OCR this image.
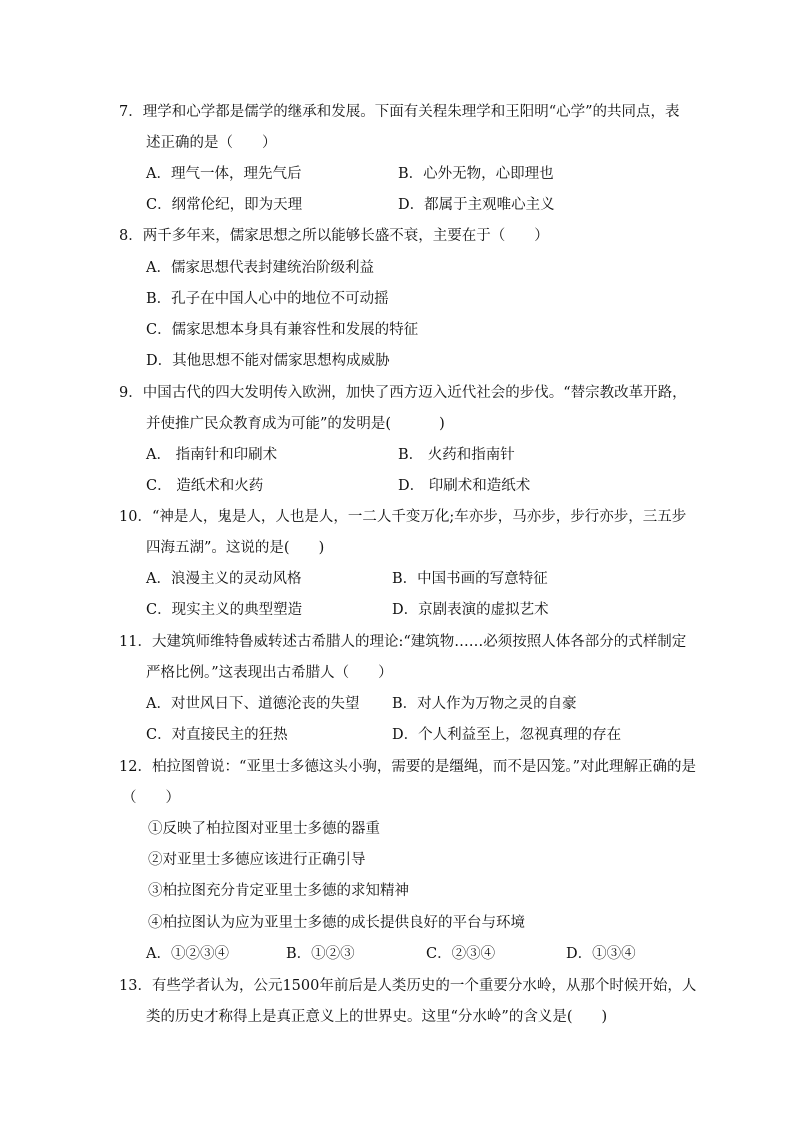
7．理学和心学都是儒学的继承和发展。下面有关程朱理学和王阳明“心学”的共同点，表
述正确的是（　　）
A．理气一体，理先气后	B．心外无物，心即理也
C．纲常伦纪，即为天理	D．都属于主观唯心主义
8．两千多年来，儒家思想之所以能够长盛不衰，主要在于（　　）
A．儒家思想代表封建统治阶级利益
B．孔子在中国人心中的地位不可动摇
C．儒家思想本身具有兼容性和发展的特征
D．其他思想不能对儒家思想构成威胁
9．中国古代的四大发明传入欧洲，加快了西方迈入近代社会的步伐。“替宗教改革开路，
并使推广民众教育成为可能”的发明是(　　　 )
A． 指南针和印刷术	B． 火药和指南针
C． 造纸术和火药	D． 印刷术和造纸术
10．“神是人，鬼是人，人也是人，一二人千变万化;车亦步，马亦步，步行亦步，三五步
四海五湖”。这说的是(　　)
A．浪漫主义的灵动风格	B．中国书画的写意特征
C．现实主义的典型塑造	D．京剧表演的虚拟艺术
11．大建筑师维特鲁威转述古希腊人的理论:“建筑物……必须按照人体各部分的式样制定
严格比例。”这表现出古希腊人（　　）
A．对世风日下、道德沦丧的失望 B．对人作为万物之灵的自豪
C．对直接民主的狂热	D．个人利益至上，忽视真理的存在
12．柏拉图曾说：“亚里士多德这头小驹，需要的是缰绳，而不是囚笼。”对此理解正确的是
（　　）
①反映了柏拉图对亚里士多德的器重
②对亚里士多德应该进行正确引导
③柏拉图充分肯定亚里士多德的求知精神
④柏拉图认为应为亚里士多德的成长提供良好的平台与环境
A．①②③④	B．①②③	C．②③④	D．①③④
13．有些学者认为，公元1500年前后是人类历史的一个重要分水岭，从那个时候开始，人
类的历史才称得上是真正意义上的世界史。这里“分水岭”的含义是(　　)
